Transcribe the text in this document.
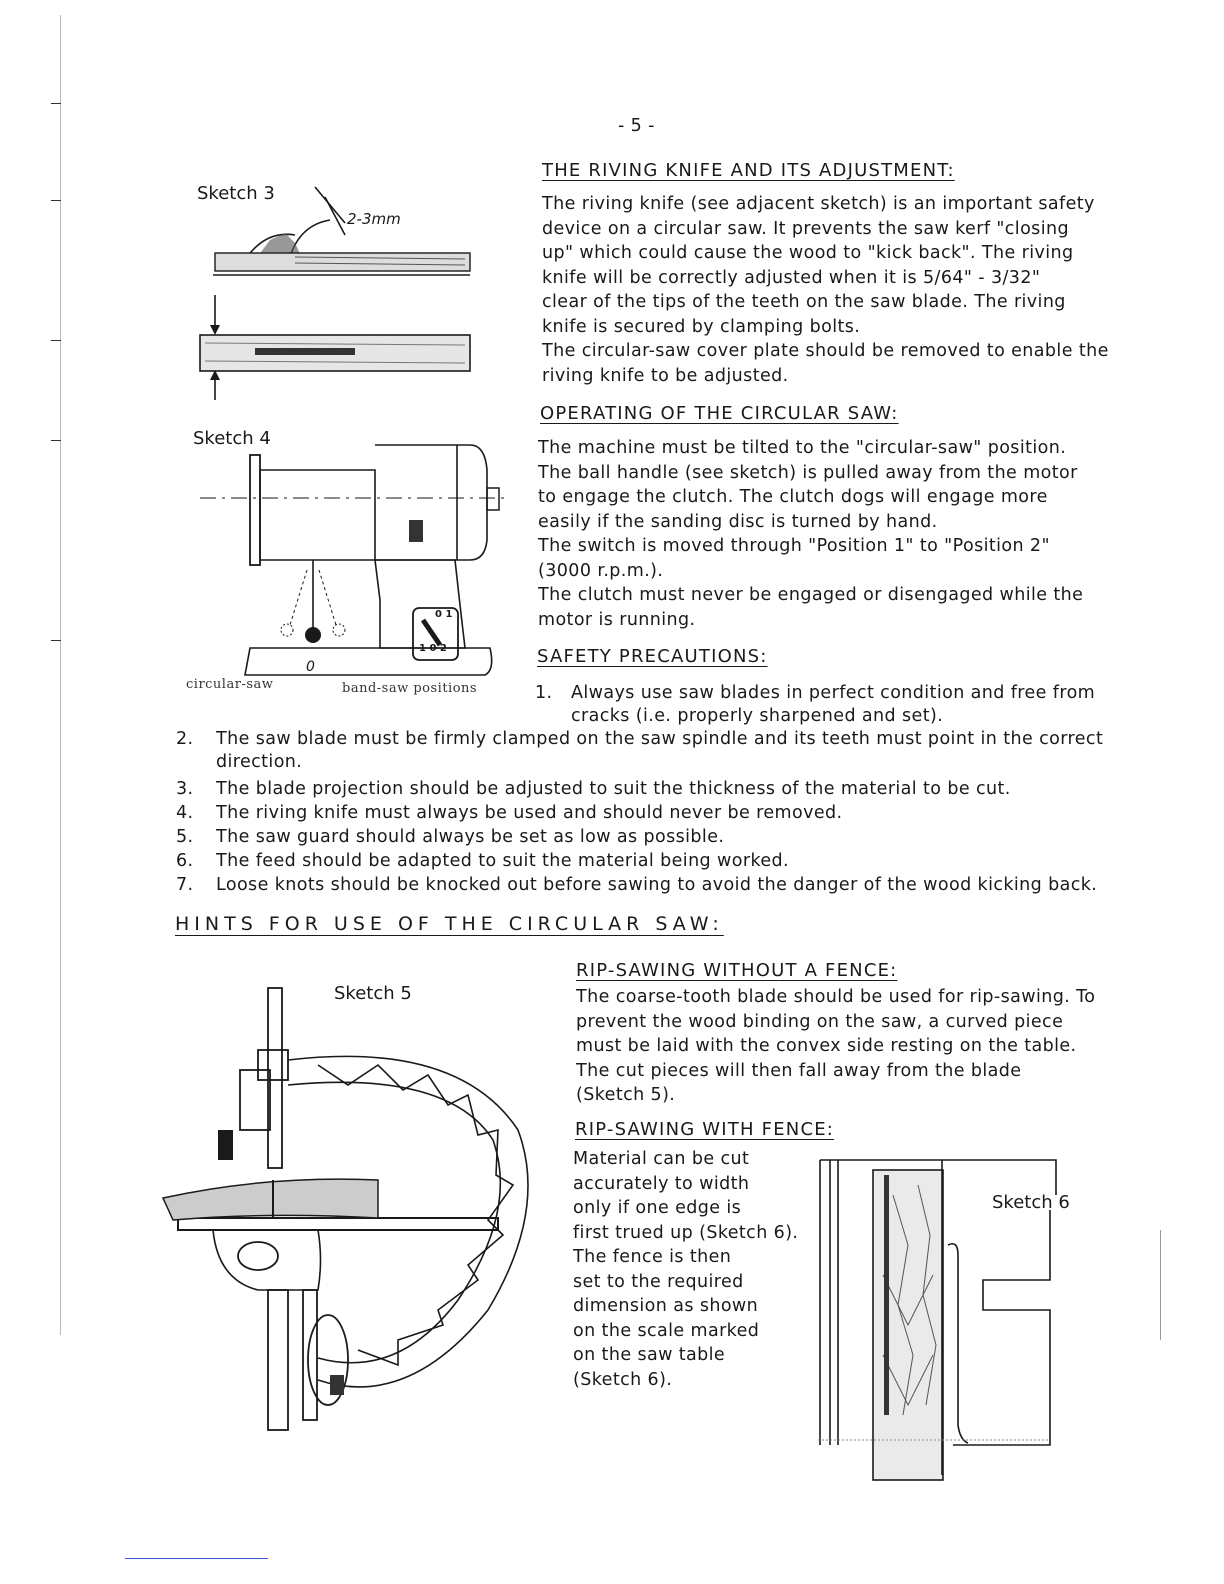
- 5 -
THE RIVING KNIFE AND ITS ADJUSTMENT:
The riving knife (see adjacent sketch) is an important safety
device on a circular saw. It prevents the saw kerf "closing
up" which could cause the wood to "kick back". The riving
knife will be correctly adjusted when it is 5/64" - 3/32"
clear of the tips of the teeth on the saw blade. The riving
knife is secured by clamping bolts.
The circular-saw cover plate should be removed to enable the
riving knife to be adjusted.
OPERATING OF THE CIRCULAR SAW:
The machine must be tilted to the "circular-saw" position.
The ball handle (see sketch) is pulled away from the motor
to engage the clutch. The clutch dogs will engage more
easily if the sanding disc is turned by hand.
The switch is moved through "Position 1" to "Position 2"
(3000 r.p.m.).
The clutch must never be engaged or disengaged while the
motor is running.
SAFETY PRECAUTIONS:
1. Always use saw blades in perfect condition and free from
cracks (i.e. properly sharpened and set).
2. The saw blade must be firmly clamped on the saw spindle and its teeth must point in the correct
direction.
3. The blade projection should be adjusted to suit the thickness of the material to be cut.
4. The riving knife must always be used and should never be removed.
5. The saw guard should always be set as low as possible.
6. The feed should be adapted to suit the material being worked.
7. Loose knots should be knocked out before sawing to avoid the danger of the wood kicking back.
HINTS FOR USE OF THE CIRCULAR SAW:
RIP-SAWING WITHOUT A FENCE:
The coarse-tooth blade should be used for rip-sawing. To
prevent the wood binding on the saw, a curved piece
must be laid with the convex side resting on the table.
The cut pieces will then fall away from the blade
(Sketch 5).
RIP-SAWING WITH FENCE:
Material can be cut
accurately to width
only if one edge is
first trued up (Sketch 6).
The fence is then
set to the required
dimension as shown
on the scale marked
on the saw table
(Sketch 6).
Sketch 3
2-3mm
Sketch 4
0
0 1
1 0 2
circular-saw	band-saw positions
Sketch 5
Sketch 6
